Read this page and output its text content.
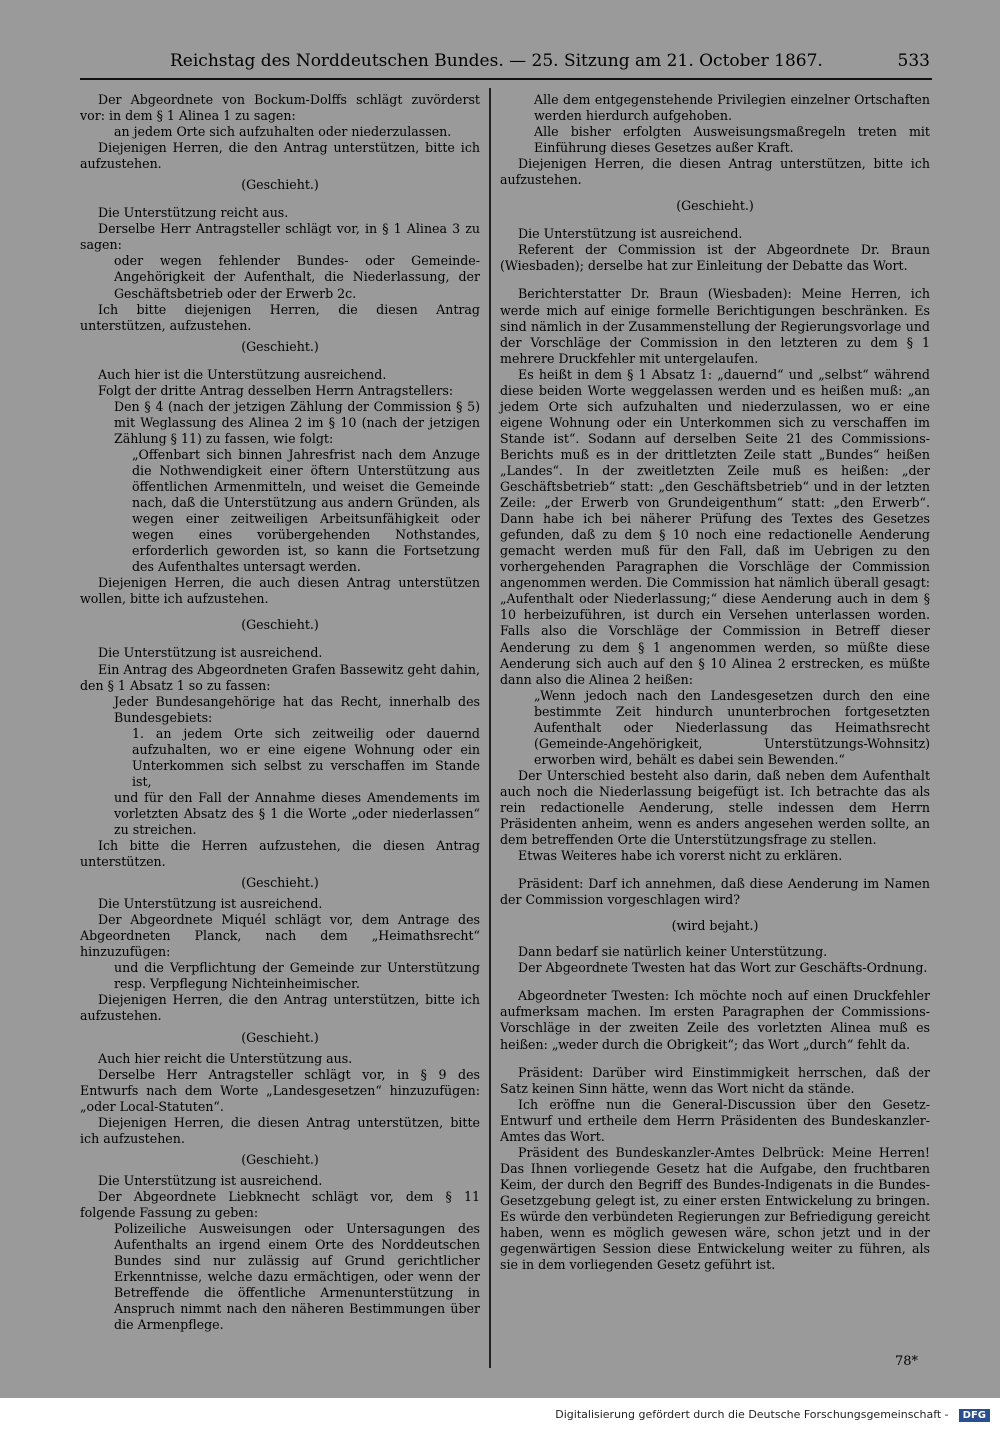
Reichstag des Norddeutschen Bundes. — 25. Sitzung am 21. October 1867.	533

Der Abgeordnete von Bockum-Dolffs schlägt zuvörderst vor: in dem § 1 Alinea 1 zu sagen:

an jedem Orte sich aufzuhalten oder niederzulassen.

Diejenigen Herren, die den Antrag unterstützen, bitte ich aufzustehen.

(Geschieht.)

Die Unterstützung reicht aus.

Derselbe Herr Antragsteller schlägt vor, in § 1 Alinea 3 zu sagen:

oder wegen fehlender Bundes- oder Gemeinde-Angehörigkeit der Aufenthalt, die Niederlassung, der Geschäftsbetrieb oder der Erwerb 2c.

Ich bitte diejenigen Herren, die diesen Antrag unterstützen, aufzustehen.

(Geschieht.)

Auch hier ist die Unterstützung ausreichend.

Folgt der dritte Antrag desselben Herrn Antragstellers:

Den § 4 (nach der jetzigen Zählung der Commission § 5) mit Weglassung des Alinea 2 im § 10 (nach der jetzigen Zählung § 11) zu fassen, wie folgt:

„Offenbart sich binnen Jahresfrist nach dem Anzuge die Nothwendigkeit einer öftern Unterstützung aus öffentlichen Armenmitteln, und weiset die Gemeinde nach, daß die Unterstützung aus andern Gründen, als wegen einer zeitweiligen Arbeitsunfähigkeit oder wegen eines vorübergehenden Nothstandes, erforderlich geworden ist, so kann die Fortsetzung des Aufenthaltes untersagt werden.

Diejenigen Herren, die auch diesen Antrag unterstützen wollen, bitte ich aufzustehen.

(Geschieht.)

Die Unterstützung ist ausreichend.

Ein Antrag des Abgeordneten Grafen Bassewitz geht dahin, den § 1 Absatz 1 so zu fassen:

Jeder Bundesangehörige hat das Recht, innerhalb des Bundesgebiets:

1. an jedem Orte sich zeitweilig oder dauernd aufzuhalten, wo er eine eigene Wohnung oder ein Unterkommen sich selbst zu verschaffen im Stande ist,

und für den Fall der Annahme dieses Amendements im vorletzten Absatz des § 1 die Worte „oder niederlassen“ zu streichen.

Ich bitte die Herren aufzustehen, die diesen Antrag unterstützen.

(Geschieht.)

Die Unterstützung ist ausreichend.

Der Abgeordnete Miquél schlägt vor, dem Antrage des Abgeordneten Planck, nach dem „Heimathsrecht“ hinzuzufügen:

und die Verpflichtung der Gemeinde zur Unterstützung resp. Verpflegung Nichteinheimischer.

Diejenigen Herren, die den Antrag unterstützen, bitte ich aufzustehen.

(Geschieht.)

Auch hier reicht die Unterstützung aus.

Derselbe Herr Antragsteller schlägt vor, in § 9 des Entwurfs nach dem Worte „Landesgesetzen“ hinzuzufügen: „oder Local-Statuten“.

Diejenigen Herren, die diesen Antrag unterstützen, bitte ich aufzustehen.

(Geschieht.)

Die Unterstützung ist ausreichend.

Der Abgeordnete Liebknecht schlägt vor, dem § 11 folgende Fassung zu geben:

Polizeiliche Ausweisungen oder Untersagungen des Aufenthalts an irgend einem Orte des Norddeutschen Bundes sind nur zulässig auf Grund gerichtlicher Erkenntnisse, welche dazu ermächtigen, oder wenn der Betreffende die öffentliche Armenunterstützung in Anspruch nimmt nach den näheren Bestimmungen über die Armenpflege.

Alle dem entgegenstehende Privilegien einzelner Ortschaften werden hierdurch aufgehoben.

Alle bisher erfolgten Ausweisungsmaßregeln treten mit Einführung dieses Gesetzes außer Kraft.

Diejenigen Herren, die diesen Antrag unterstützen, bitte ich aufzustehen.

(Geschieht.)

Die Unterstützung ist ausreichend.

Referent der Commission ist der Abgeordnete Dr. Braun (Wiesbaden); derselbe hat zur Einleitung der Debatte das Wort.

Berichterstatter Dr. Braun (Wiesbaden): Meine Herren, ich werde mich auf einige formelle Berichtigungen beschränken. Es sind nämlich in der Zusammenstellung der Regierungsvorlage und der Vorschläge der Commission in den letzteren zu dem § 1 mehrere Druckfehler mit untergelaufen.

Es heißt in dem § 1 Absatz 1: „dauernd“ und „selbst“ während diese beiden Worte weggelassen werden und es heißen muß: „an jedem Orte sich aufzuhalten und niederzulassen, wo er eine eigene Wohnung oder ein Unterkommen sich zu verschaffen im Stande ist“. Sodann auf derselben Seite 21 des Commissions-Berichts muß es in der drittletzten Zeile statt „Bundes“ heißen „Landes“. In der zweitletzten Zeile muß es heißen: „der Geschäftsbetrieb“ statt: „den Geschäftsbetrieb“ und in der letzten Zeile: „der Erwerb von Grundeigenthum“ statt: „den Erwerb“. Dann habe ich bei näherer Prüfung des Textes des Gesetzes gefunden, daß zu dem § 10 noch eine redactionelle Aenderung gemacht werden muß für den Fall, daß im Uebrigen zu den vorhergehenden Paragraphen die Vorschläge der Commission angenommen werden. Die Commission hat nämlich überall gesagt: „Aufenthalt oder Niederlassung;“ diese Aenderung auch in dem § 10 herbeizuführen, ist durch ein Versehen unterlassen worden. Falls also die Vorschläge der Commission in Betreff dieser Aenderung zu dem § 1 angenommen werden, so müßte diese Aenderung sich auch auf den § 10 Alinea 2 erstrecken, es müßte dann also die Alinea 2 heißen:

„Wenn jedoch nach den Landesgesetzen durch den eine bestimmte Zeit hindurch ununterbrochen fortgesetzten Aufenthalt oder Niederlassung das Heimathsrecht (Gemeinde-Angehörigkeit, Unterstützungs-Wohnsitz) erworben wird, behält es dabei sein Bewenden.“

Der Unterschied besteht also darin, daß neben dem Aufenthalt auch noch die Niederlassung beigefügt ist. Ich betrachte das als rein redactionelle Aenderung, stelle indessen dem Herrn Präsidenten anheim, wenn es anders angesehen werden sollte, an dem betreffenden Orte die Unterstützungsfrage zu stellen.

Etwas Weiteres habe ich vorerst nicht zu erklären.

Präsident: Darf ich annehmen, daß diese Aenderung im Namen der Commission vorgeschlagen wird?

(wird bejaht.)

Dann bedarf sie natürlich keiner Unterstützung.

Der Abgeordnete Twesten hat das Wort zur Geschäfts-Ordnung.

Abgeordneter Twesten: Ich möchte noch auf einen Druckfehler aufmerksam machen. Im ersten Paragraphen der Commissions-Vorschläge in der zweiten Zeile des vorletzten Alinea muß es heißen: „weder durch die Obrigkeit“; das Wort „durch“ fehlt da.

Präsident: Darüber wird Einstimmigkeit herrschen, daß der Satz keinen Sinn hätte, wenn das Wort nicht da stände.

Ich eröffne nun die General-Discussion über den Gesetz-Entwurf und ertheile dem Herrn Präsidenten des Bundeskanzler-Amtes das Wort.

Präsident des Bundeskanzler-Amtes Delbrück: Meine Herren! Das Ihnen vorliegende Gesetz hat die Aufgabe, den fruchtbaren Keim, der durch den Begriff des Bundes-Indigenats in die Bundes-Gesetzgebung gelegt ist, zu einer ersten Entwickelung zu bringen. Es würde den verbündeten Regierungen zur Befriedigung gereicht haben, wenn es möglich gewesen wäre, schon jetzt und in der gegenwärtigen Session diese Entwickelung weiter zu führen, als sie in dem vorliegenden Gesetz geführt ist.

78*
Digitalisierung gefördert durch die Deutsche Forschungsgemeinschaft - DFG
